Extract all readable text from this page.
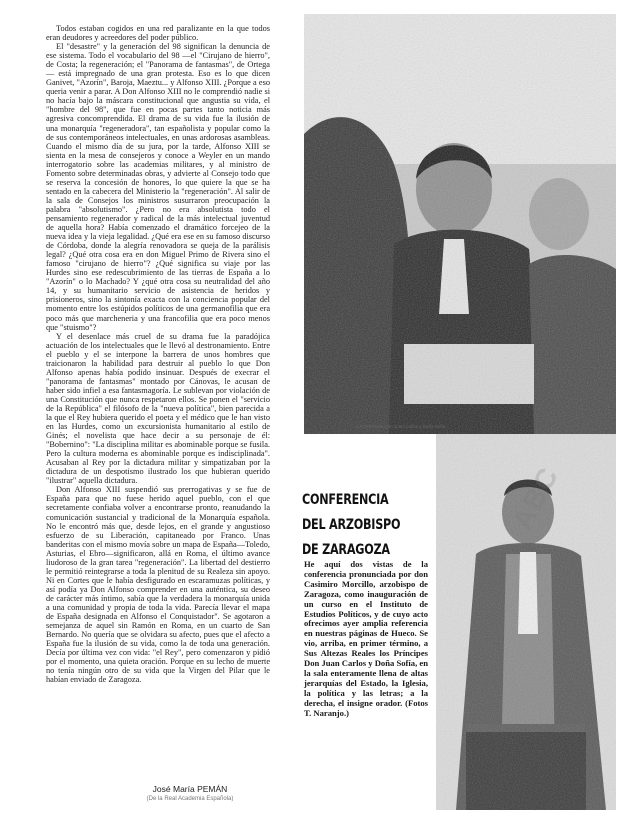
Todos estaban cogidos en una red paralizante en la que todos eran deudores y acreedores del poder público.

El "desastre" y la generación del 98 significan la denuncia de ese sistema. Todo el vocabulario del 98 —el "Cirujano de hierro", de Costa; la regeneración; el "Panorama de fantasmas", de Ortega— está impregnado de una gran protesta. Eso es lo que dicen Ganivet, "Azorín", Baroja, Maeztu... y Alfonso XIII. ¿Porque a eso queria venir a parar. A Don Alfonso XIII no le comprendió nadie si no hacía bajo la máscara constitucional que angustia su vida, el "hombre del 98", que fue en pocas partes tanto noticia más agresiva concomprendida. El drama de su vida fue la ilusión de una monarquía "regeneradora", tan españolista y popular como la de sus contemporáneos intelectuales, en unas ardorosas asambleas. Cuando el mismo día de su jura, por la tarde, Alfonso XIII se sienta en la mesa de consejeros y conoce a Weyler en un mando interrogatorio sobre las academias militares, y al ministro de Fomento sobre determinadas obras, y advierte al Consejo todo que se reserva la concesión de honores, lo que quiere la que se ha sentado en la cabecera del Ministerio la "regeneración". Al salir de la sala de Consejos los ministros susurraron preocupación la palabra "absolutismo". ¿Pero no era absolutista todo el pensamiento regenerador y radical de la más intelectual juventud de aquella hora? Había comenzado el dramático forcejeo de la nueva idea y la vieja legalidad. ¿Qué era ese en su famoso discurso de Córdoba, donde la alegría renovadora se queja de la parálisis legal? ¿Qué otra cosa era en don Miguel Primo de Rivera sino el famoso "cirujano de hierro"? ¿Qué significa su viaje por las Hurdes sino ese redescubrimiento de las tierras de España a lo "Azorín" o lo Machado? Y ¿qué otra cosa su neutralidad del año 14, y su humanitario servicio de asistencia de heridos y prisioneros, sino la sintonía exacta con la conciencia popular del momento entre los estúpidos políticos de una germanofilia que era poco más que marcheneria y una francofilia que era poco menos que "stuismo"?

Y el desenlace más cruel de su drama fue la paradójica actuación de los intelectuales que le llevó al destronamiento. Entre el pueblo y el se interpone la barrera de unos hombres que traicionaron la habilidad para destruir al pueblo lo que Don Alfonso apenas había podido insinuar. Después de execrar el "panorama de fantasmas" montado por Cánovas, le acusan de haber sido infiel a esa fantasmagoría. Le sublevan por violación de una Constitución que nunca respetaron ellos. Se ponen el "servicio de la República" el filósofo de la "nueva política", bien parecida a la que el Rey hubiera querido el poeta y el médico que le han visto en las Hurdes, como un excursionista humanitario al estilo de Ginés; el novelista que hace decir a su personaje de él: "Bobernino": "La disciplina militar es abominable porque se fusila. Pero la cultura moderna es abominable porque es indisciplinada". Acusaban al Rey por la dictadura militar y simpatizaban por la dictadura de un despotismo ilustrado los que hubieran querido "ilustrar" aquella dictadura.

Don Alfonso XIII suspendió sus prerrogativas y se fue de España para que no fuese herido aquel pueblo, con el que secretamente confiaba volver a encontrarse pronto, reanudando la comunicación sustancial y tradicional de la Monarquía española. No le encontró más que, desde lejos, en el grande y angustioso esfuerzo de su Liberación, capitaneado por Franco. Unas banderitas con el mismo movía sobre un mapa de España—Toledo, Asturias, el Ebro—significaron, allá en Roma, el último avance liudoroso de la gran tarea "regeneración". La libertad del destierro le permitió reintegrarse a toda la plenitud de su Realeza sin apoyo. Ni en Cortes que le había desfigurado en escaramuzas políticas, y así podía ya Don Alfonso comprender en una auténtica, su deseo de carácter más íntimo, sabía que la verdadera la monarquía unida a una comunidad y propia de toda la vida. Parecía llevar el mapa de España designada en Alfonso el Conquistador". Se agotaron a semejanza de aquel sin Ramón en Roma, en un cuarto de San Bernardo. No quería que se olvidara su afecto, pues que el afecto a España fue la ilusión de su vida, como la de toda una generación. Decía por última vez con vida: "el Rey", pero comenzaron y pidió por el momento, una quieta oración. Porque en su lecho de muerte no tenía ningún otro de su vida que la Virgen del Pilar que le habían enviado de Zaragoza.

José María PEMÁN
(De la Real Academia Española)
Los Príncipes Don Juan Carlos y Doña Sofía
CONFERENCIA
DEL ARZOBISPO
DE ZARAGOZA
He aquí dos vistas de la conferencia pronunciada por don Casimiro Morcillo, arzobispo de Zaragoza, como inauguración de un curso en el Instituto de Estudios Políticos, y de cuyo acto ofrecimos ayer amplia referencia en nuestras páginas de Hueco. Se vio, arriba, en primer término, a Sus Altezas Reales los Príncipes Don Juan Carlos y Doña Sofía, en la sala enteramente llena de altas jerarquías del Estado, la Iglesia, la política y las letras; a la derecha, el insigne orador. (Fotos T. Naranjo.)
ABC
